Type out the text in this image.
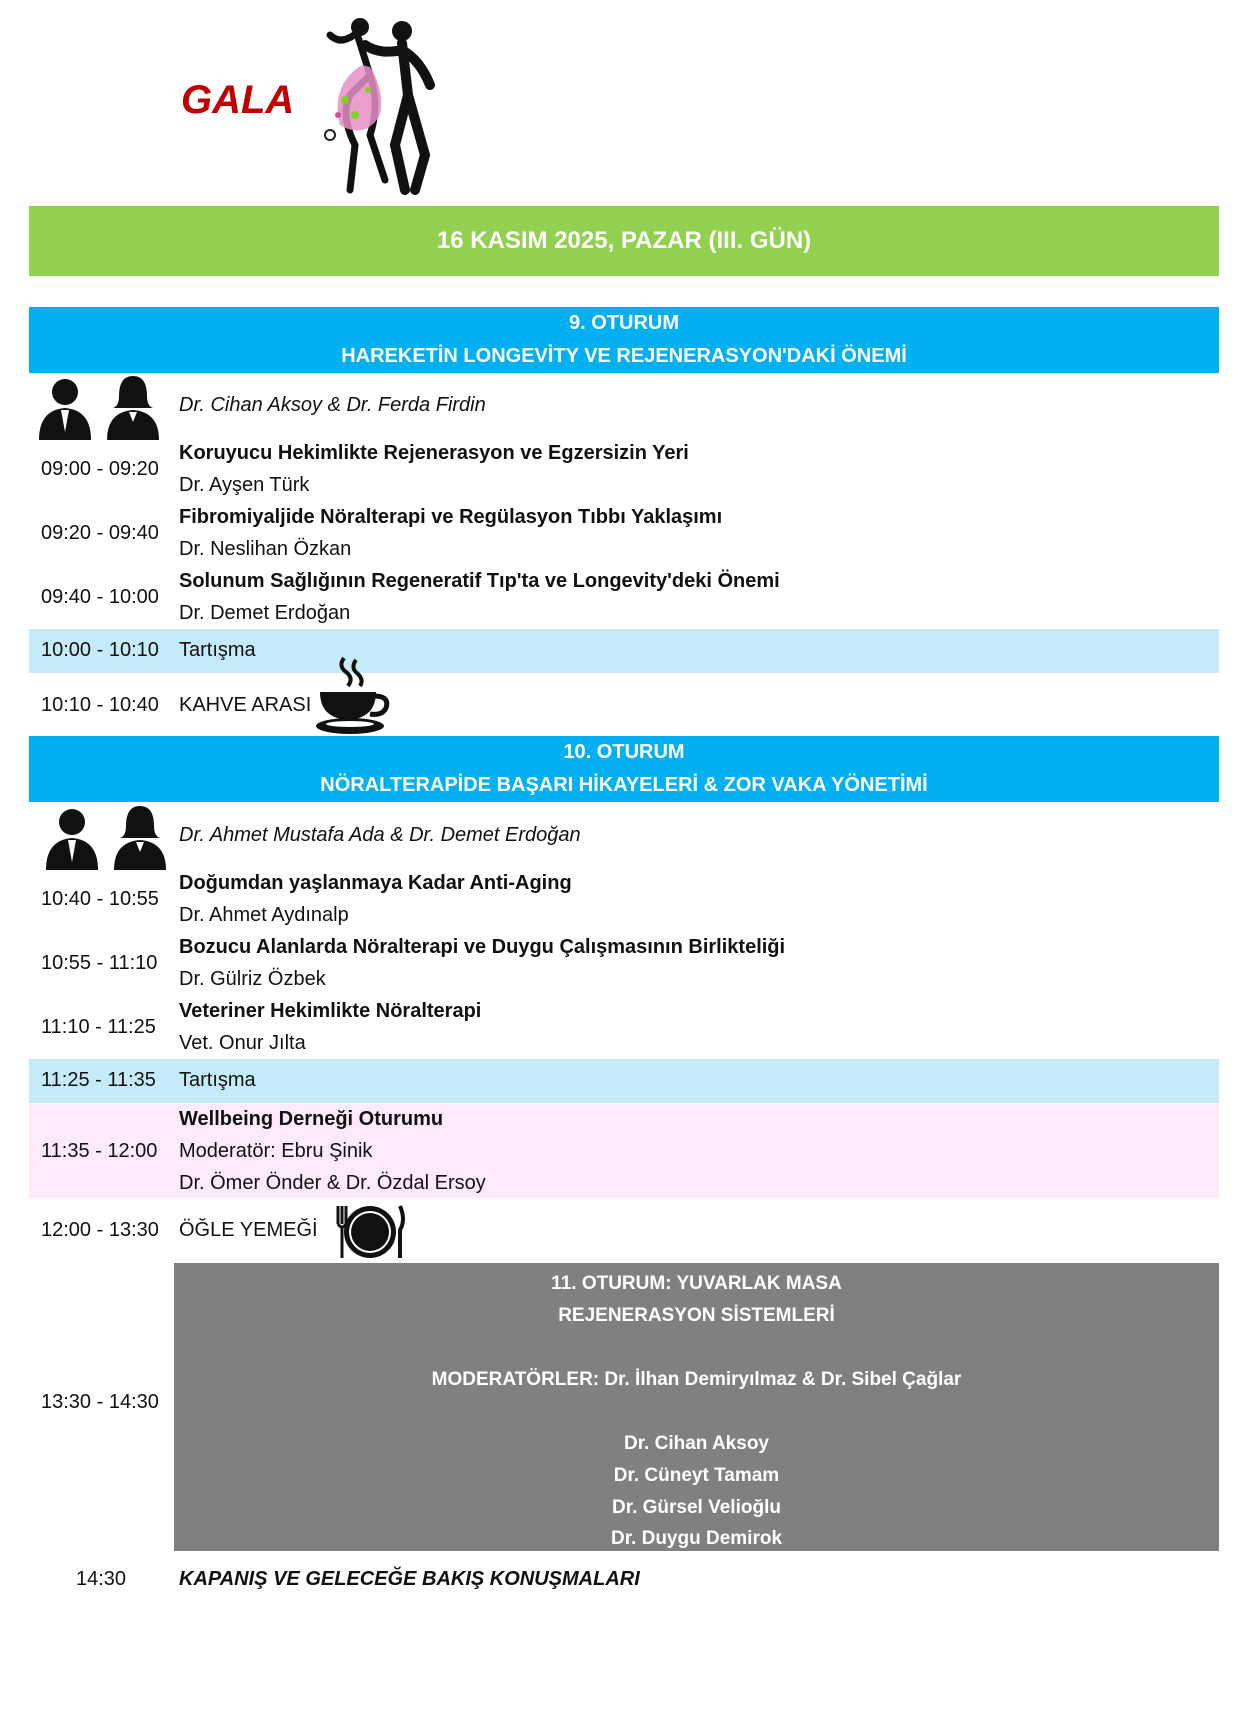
GALA
16 KASIM 2025, PAZAR (III. GÜN)
9. OTURUM
HAREKETİN LONGEVİTY VE REJENERASYON'DAKİ ÖNEMİ
Dr. Cihan Aksoy & Dr. Ferda Firdin
09:00 - 09:20
Koruyucu Hekimlikte Rejenerasyon ve Egzersizin Yeri
Dr. Ayşen Türk
09:20 - 09:40
Fibromiyaljide Nöralterapi ve Regülasyon Tıbbı Yaklaşımı
Dr. Neslihan Özkan
09:40 - 10:00
Solunum Sağlığının Regeneratif Tıp'ta ve Longevity'deki Önemi
Dr. Demet Erdoğan
10:00 - 10:10 Tartışma
10:10 - 10:40 KAHVE ARASI
10. OTURUM
NÖRALTERAPİDE BAŞARI HİKAYELERİ & ZOR VAKA YÖNETİMİ
Dr. Ahmet Mustafa Ada & Dr. Demet Erdoğan
10:40 - 10:55
Doğumdan yaşlanmaya Kadar Anti-Aging
Dr. Ahmet Aydınalp
10:55 - 11:10
Bozucu Alanlarda Nöralterapi ve Duygu Çalışmasının Birlikteliği
Dr. Gülriz Özbek
11:10 - 11:25
Veteriner Hekimlikte Nöralterapi
Vet. Onur Jılta
11:25 - 11:35 Tartışma
11:35 - 12:00
Wellbeing Derneği Oturumu
Moderatör: Ebru Şinik
Dr. Ömer Önder & Dr. Özdal Ersoy
12:00 - 13:30 ÖĞLE YEMEĞİ
13:30 - 14:30
11. OTURUM: YUVARLAK MASA
REJENERASYON SİSTEMLERİ
MODERATÖRLER: Dr. İlhan Demiryılmaz & Dr. Sibel Çağlar
Dr. Cihan Aksoy
Dr. Cüneyt Tamam
Dr. Gürsel Velioğlu
Dr. Duygu Demirok
14:30	KAPANIŞ VE GELECEĞE BAKIŞ KONUŞMALARI
